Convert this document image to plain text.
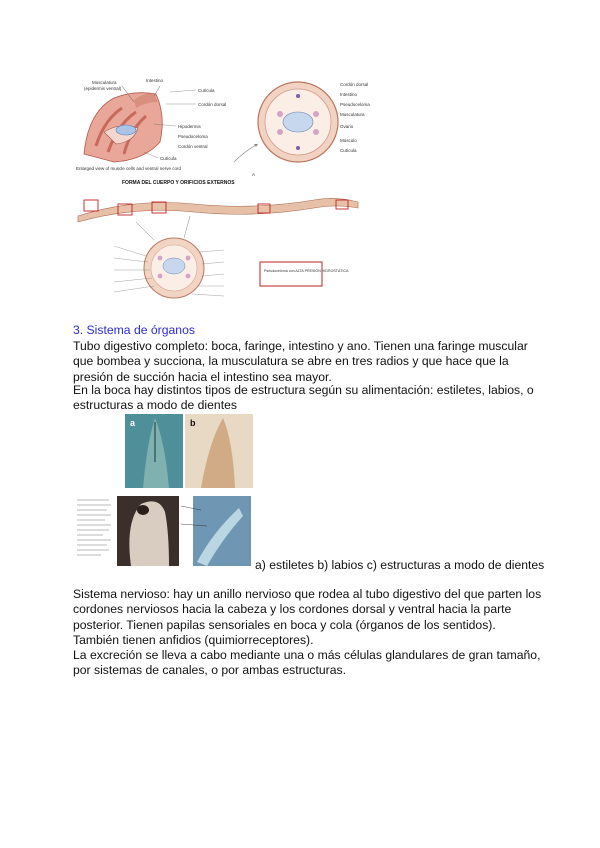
Musculatura
(epidermis ventral)
Intestino
Cutícula
Cordón dorsal
Hipodermis
Pseudoceloma
Cordón ventral
Cutícula
Enlarged view of muscle cells and ventral nerve cord
Cordón dorsal
Intestino
Pseudoceloma
Musculatura
Ovario
Músculo
Cutícula
A
FORMA DEL CUERPO Y ORIFICIOS EXTERNOS
Pseudoceloma con ALTA PRESIÓN HIDROSTÁTICA
3. Sistema de órganos

Tubo digestivo completo: boca, faringe, intestino y ano. Tienen una faringe muscular que bombea y succiona, la musculatura se abre en tres radios y que hace que la presión de succión hacia el intestino sea mayor.

En la boca hay distintos tipos de estructura según su alimentación: estiletes, labios, o estructuras a modo de dientes

a	b
a) estiletes b) labios c) estructuras a modo de dientes

Sistema nervioso: hay un anillo nervioso que rodea al tubo digestivo del que parten los cordones nerviosos hacia la cabeza y los cordones dorsal y ventral hacia la parte posterior. Tienen papilas sensoriales en boca y cola (órganos de los sentidos). También tienen anfidios (quimiorreceptores).

La excreción se lleva a cabo mediante una o más células glandulares de gran tamaño, por sistemas de canales, o por ambas estructuras.
